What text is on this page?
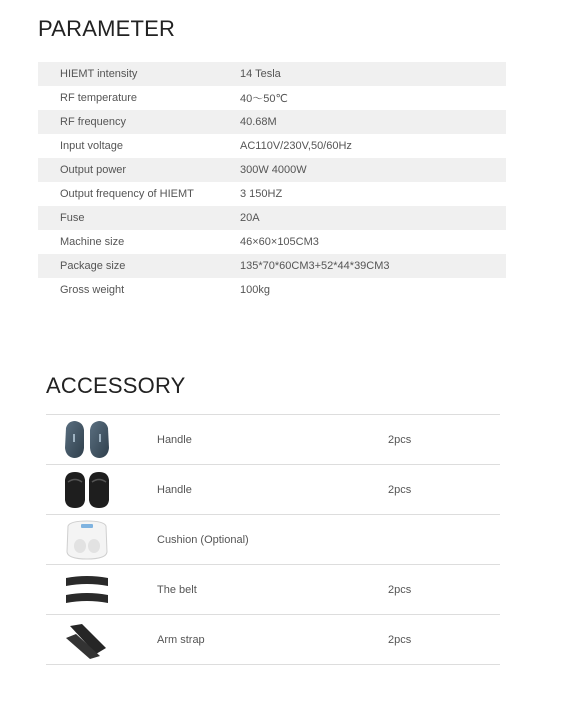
PARAMETER
HIEMT intensity	14 Tesla
RF temperature	40～50℃
RF frequency	40.68M
Input voltage	AC110V/230V,50/60Hz
Output power	300W 4000W
Output frequency of HIEMT	3 150HZ
Fuse	20A
Machine size	46×60×105CM3
Package size	135*70*60CM3+52*44*39CM3
Gross weight	100kg
ACCESSORY
Handle	2pcs
Handle	2pcs
Cushion (Optional)
The belt	2pcs
Arm strap	2pcs
